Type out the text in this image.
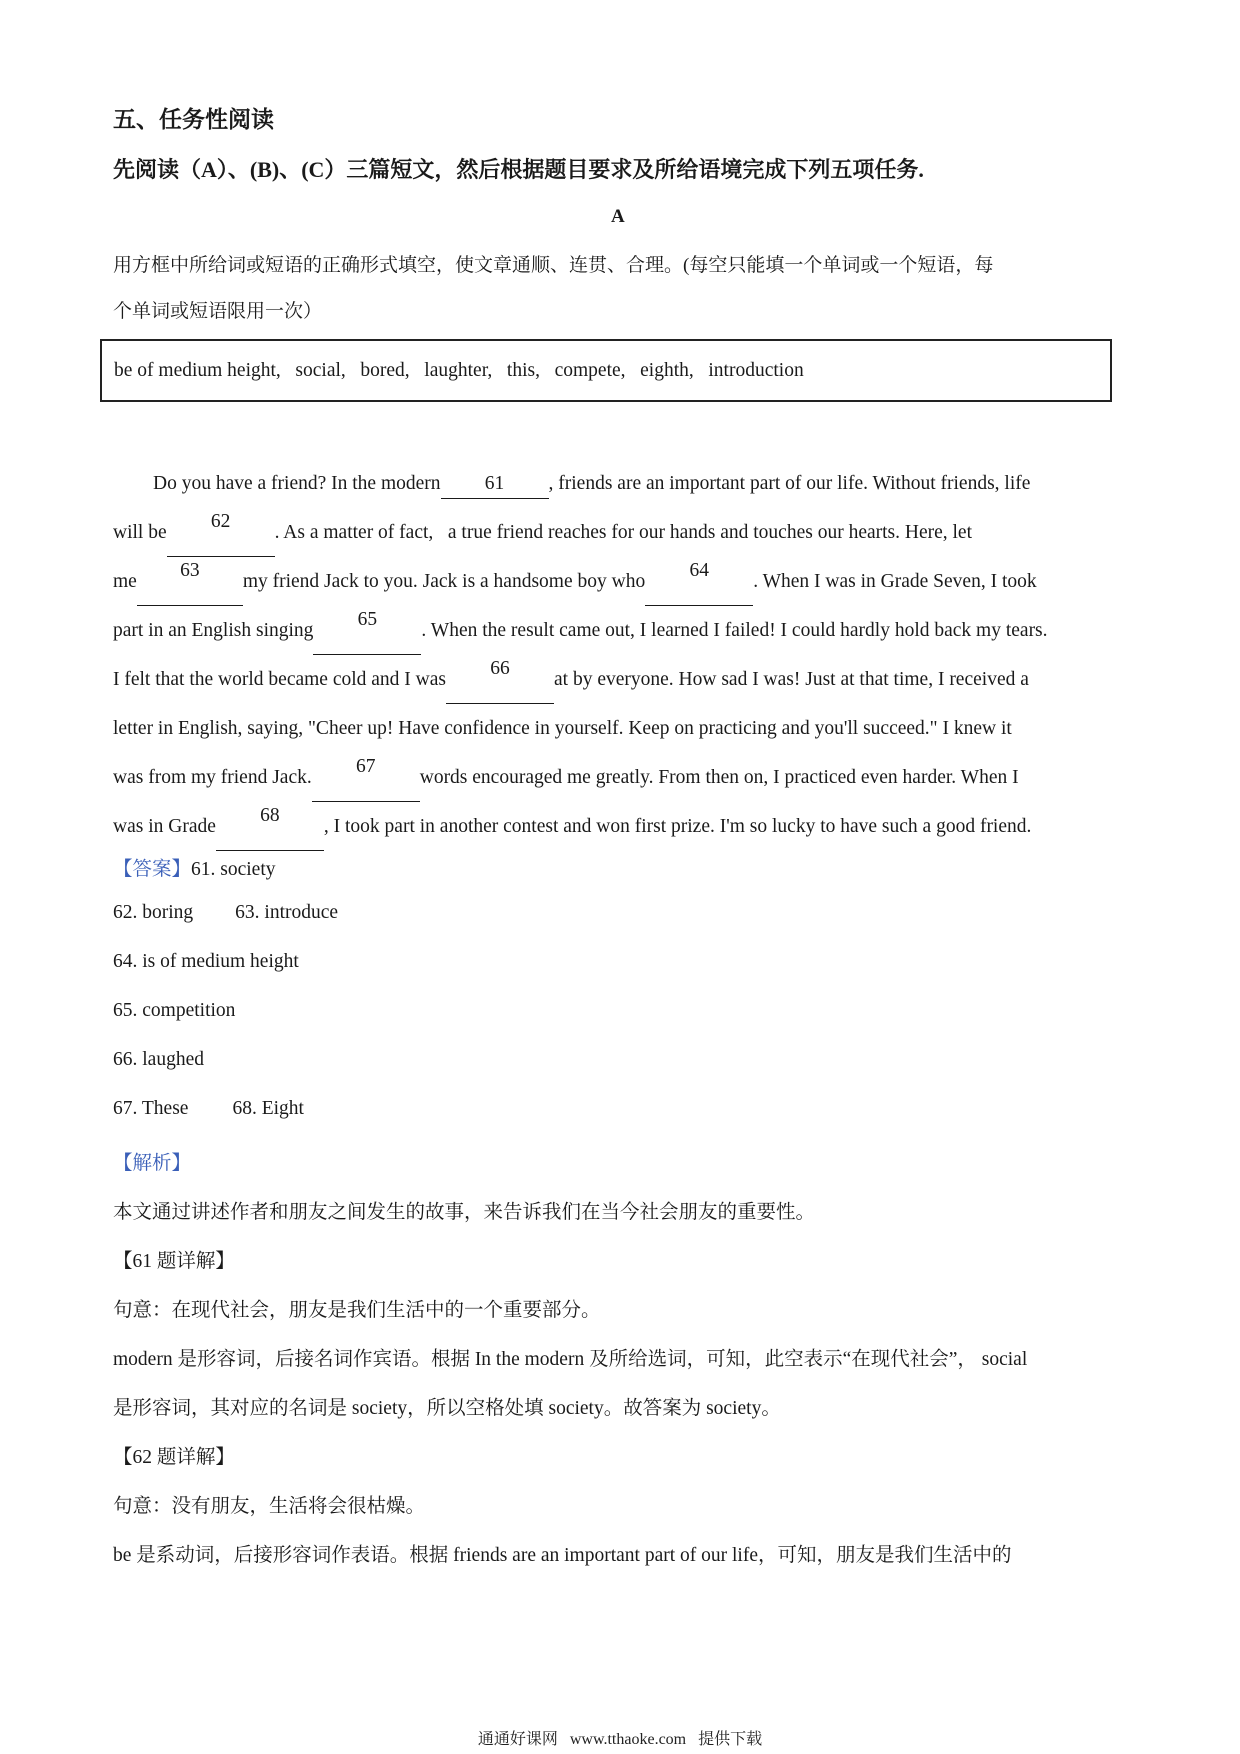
五、任务性阅读
先阅读（A）、(B)、(C）三篇短文，然后根据题目要求及所给语境完成下列五项任务.
A
用方框中所给词或短语的正确形式填空，使文章通顺、连贯、合理。(每空只能填一个单词或一个短语，每
个单词或短语限用一次）
be of medium height,   social,   bored,   laughter,   this,   compete,   eighth,   introduction
Do you have a friend? In the modern 61 , friends are an important part of our life. Without friends, life
will be
62
. As a matter of fact,   a true friend reaches for our hands and touches our hearts. Here, let
me
63
my friend Jack to you. Jack is a handsome boy who
64
. When I was in Grade Seven, I took
part in an English singing
65
. When the result came out, I learned I failed! I could hardly hold back my tears.
I felt that the world became cold and I was
66
at by everyone. How sad I was! Just at that time, I received a
letter in English, saying, "Cheer up! Have confidence in yourself. Keep on practicing and you'll succeed." I knew it
was from my friend Jack.
67
words encouraged me greatly. From then on, I practiced even harder. When I
was in Grade
68
, I took part in another contest and won first prize. I'm so lucky to have such a good friend.
【答案】61. society
62. boring 63. introduce
64. is of medium height
65. competition
66. laughed
67. These 68. Eight
【解析】
本文通过讲述作者和朋友之间发生的故事，来告诉我们在当今社会朋友的重要性。
【61 题详解】
句意：在现代社会，朋友是我们生活中的一个重要部分。
modern 是形容词，后接名词作宾语。根据 In the modern 及所给选词，可知，此空表示“在现代社会”， social
是形容词，其对应的名词是 society，所以空格处填 society。故答案为 society。
【62 题详解】
句意：没有朋友，生活将会很枯燥。
be 是系动词，后接形容词作表语。根据 friends are an important part of our life，可知，朋友是我们生活中的
通通好课网   www.tthaoke.com   提供下载
